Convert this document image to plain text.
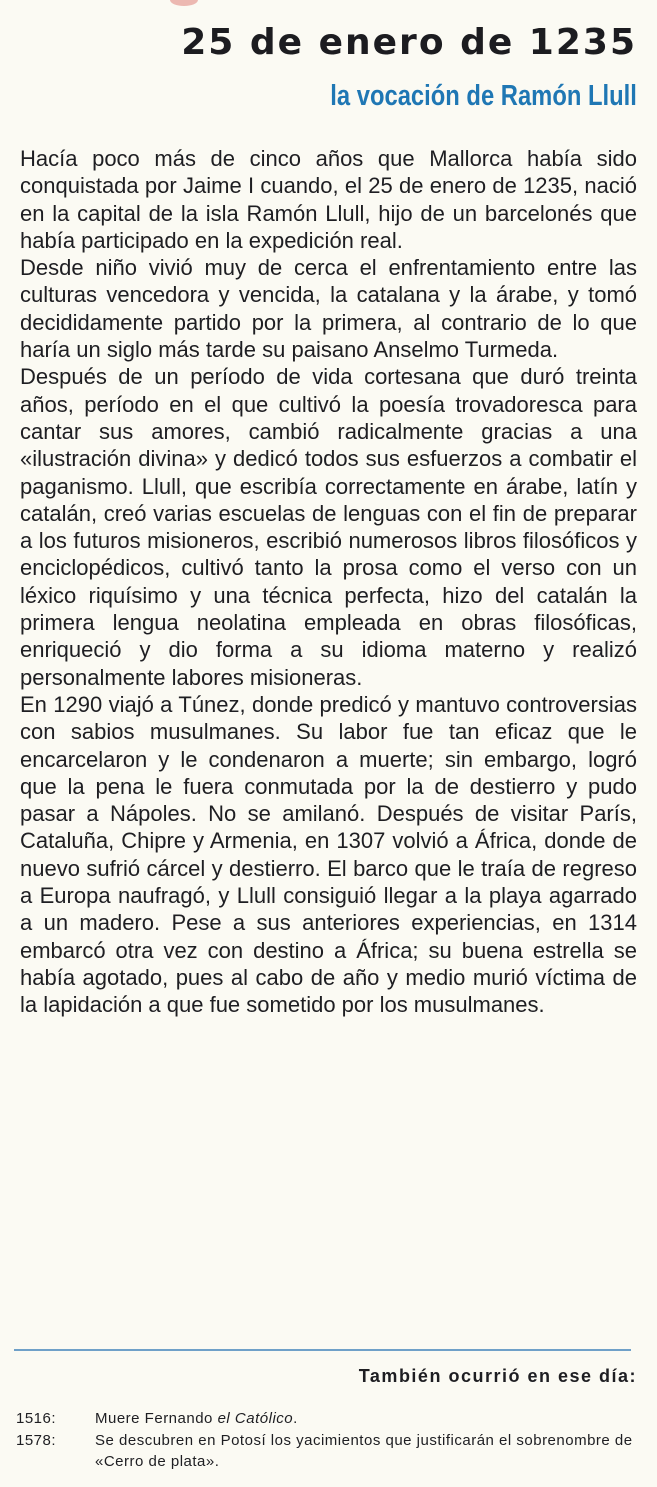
25 de enero de 1235
la vocación de Ramón Llull

Hacía poco más de cinco años que Mallorca había sido conquistada por Jaime I cuando, el 25 de enero de 1235, nació en la capital de la isla Ramón Llull, hijo de un barcelonés que había participado en la expedición real.

Desde niño vivió muy de cerca el enfrentamiento entre las culturas vencedora y vencida, la catalana y la árabe, y tomó decididamente partido por la primera, al contrario de lo que haría un siglo más tarde su paisano Anselmo Turmeda.

Después de un período de vida cortesana que duró treinta años, período en el que cultivó la poesía trovadoresca para cantar sus amores, cambió radicalmente gracias a una «ilustración divina» y dedicó todos sus esfuerzos a combatir el paganismo. Llull, que escribía correctamente en árabe, latín y catalán, creó varias escuelas de lenguas con el fin de preparar a los futuros misioneros, escribió numerosos libros filosóficos y enciclopédicos, cultivó tanto la prosa como el verso con un léxico riquísimo y una técnica perfecta, hizo del catalán la primera lengua neolatina empleada en obras filosóficas, enriqueció y dio forma a su idioma materno y realizó personalmente labores misioneras.

En 1290 viajó a Túnez, donde predicó y mantuvo controversias con sabios musulmanes. Su labor fue tan eficaz que le encarcelaron y le condenaron a muerte; sin embargo, logró que la pena le fuera conmutada por la de destierro y pudo pasar a Nápoles. No se amilanó. Después de visitar París, Cataluña, Chipre y Armenia, en 1307 volvió a África, donde de nuevo sufrió cárcel y destierro. El barco que le traía de regreso a Europa naufragó, y Llull consiguió llegar a la playa agarrado a un madero. Pese a sus anteriores experiencias, en 1314 embarcó otra vez con destino a África; su buena estrella se había agotado, pues al cabo de año y medio murió víctima de la lapidación a que fue sometido por los musulmanes.

También ocurrió en ese día:
1516:	Muere Fernando el Católico.
1578:	Se descubren en Potosí los yacimientos que justificarán el sobrenombre de «Cerro de plata».
